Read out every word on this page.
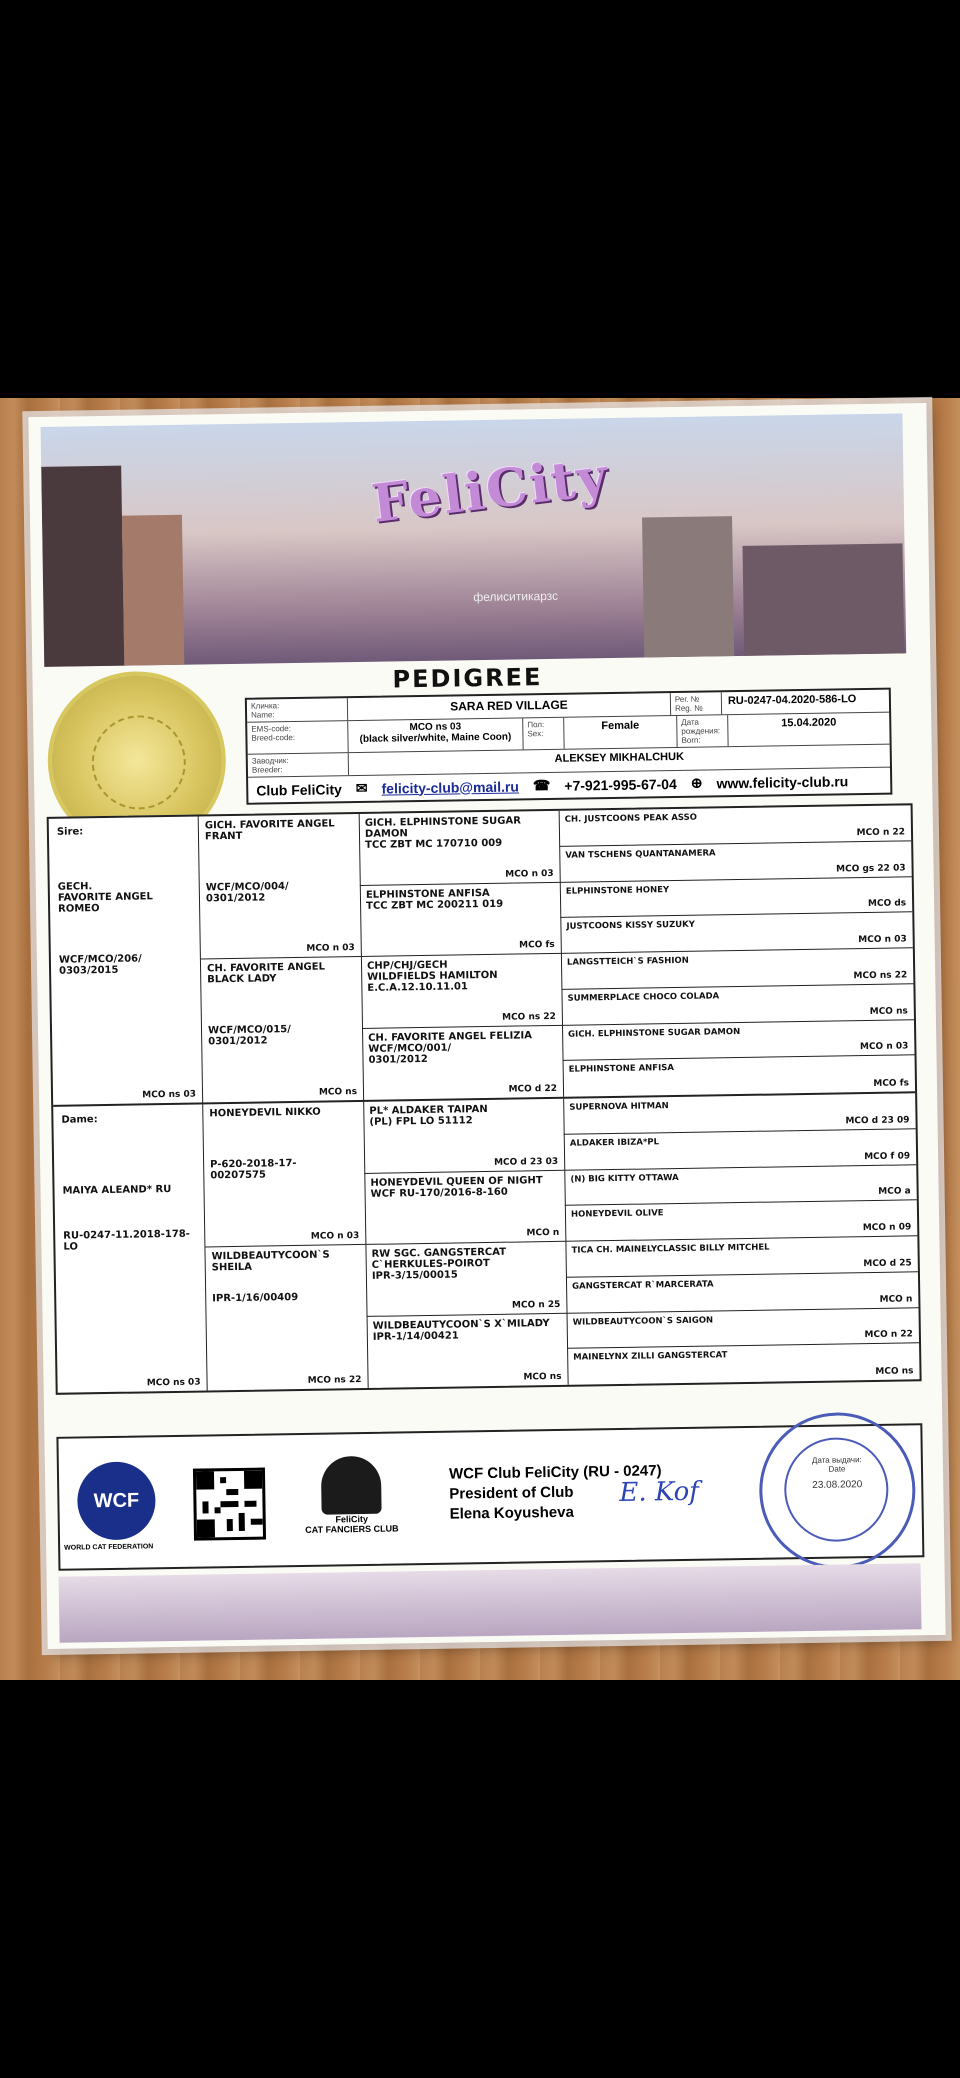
FeliCity
фелиситикарзс
PEDIGREE
Кличка:
Name:
SARA RED VILLAGE	Рег. №
Reg. №
RU-0247-04.2020-586-LO
EMS-code:
Breed-code:
MCO ns 03
(black silver/white, Maine Coon)
Пол:
Sex:
Female	Дата
рождения:
Born:
15.04.2020
Заводчик:
Breeder:
ALEKSEY MIKHALCHUK
Club FeliCity ✉ felicity-club@mail.ru ☎ +7-921-995-67-04 ⊕ www.felicity-club.ru
Sire:
GECH.
FAVORITE ANGEL ROMEO
WCF/MCO/206/
0303/2015
MCO ns 03
GICH. FAVORITE ANGEL
FRANT
WCF/MCO/004/
0301/2012
MCO n 03
CH. FAVORITE ANGEL
BLACK LADY
WCF/MCO/015/
0301/2012
MCO ns
GICH. ELPHINSTONE SUGAR
DAMON
TCC ZBT MC 170710 009
MCO n 03
ELPHINSTONE ANFISA
TCC ZBT MC 200211 019
MCO fs
CHP/CHJ/GECH
WILDFIELDS HAMILTON
E.C.A.12.10.11.01
MCO ns 22
CH. FAVORITE ANGEL FELIZIA
WCF/MCO/001/
0301/2012
MCO d 22
CH. JUSTCOONS PEAK ASSO
MCO n 22
VAN TSCHENS QUANTANAMERA
MCO gs 22 03
ELPHINSTONE HONEY
MCO ds
JUSTCOONS KISSY SUZUKY
MCO n 03
LANGSTTEICH`S FASHION
MCO ns 22
SUMMERPLACE CHOCO COLADA
MCO ns
GICH. ELPHINSTONE SUGAR DAMON
MCO n 03
ELPHINSTONE ANFISA
MCO fs
Dame:
MAIYA ALEAND* RU
RU-0247-11.2018-178-
LO
MCO ns 03
HONEYDEVIL NIKKO
P-620-2018-17-
00207575
MCO n 03
WILDBEAUTYCOON`S
SHEILA
IPR-1/16/00409
MCO ns 22
PL* ALDAKER TAIPAN
(PL) FPL LO 51112
MCO d 23 03
HONEYDEVIL QUEEN OF NIGHT
WCF RU-170/2016-8-160
MCO n
RW SGC. GANGSTERCAT
C`HERKULES-POIROT
IPR-3/15/00015
MCO n 25
WILDBEAUTYCOON`S X`MILADY
IPR-1/14/00421
MCO ns
SUPERNOVA HITMAN
MCO d 23 09
ALDAKER IBIZA*PL
MCO f 09
(N) BIG KITTY OTTAWA
MCO a
HONEYDEVIL OLIVE
MCO n 09
TICA CH. MAINELYCLASSIC BILLY MITCHEL
MCO d 25
GANGSTERCAT R`MARCERATA
MCO n
WILDBEAUTYCOON`S SAIGON
MCO n 22
MAINELYNX ZILLI GANGSTERCAT
MCO ns
WCF
WORLD CAT FEDERATION
FeliCity
CAT FANCIERS CLUB
WCF Club FeliCity (RU - 0247)
President of Club
Elena Koyusheva
E. Kof
Дата выдачи:
Date
23.08.2020
